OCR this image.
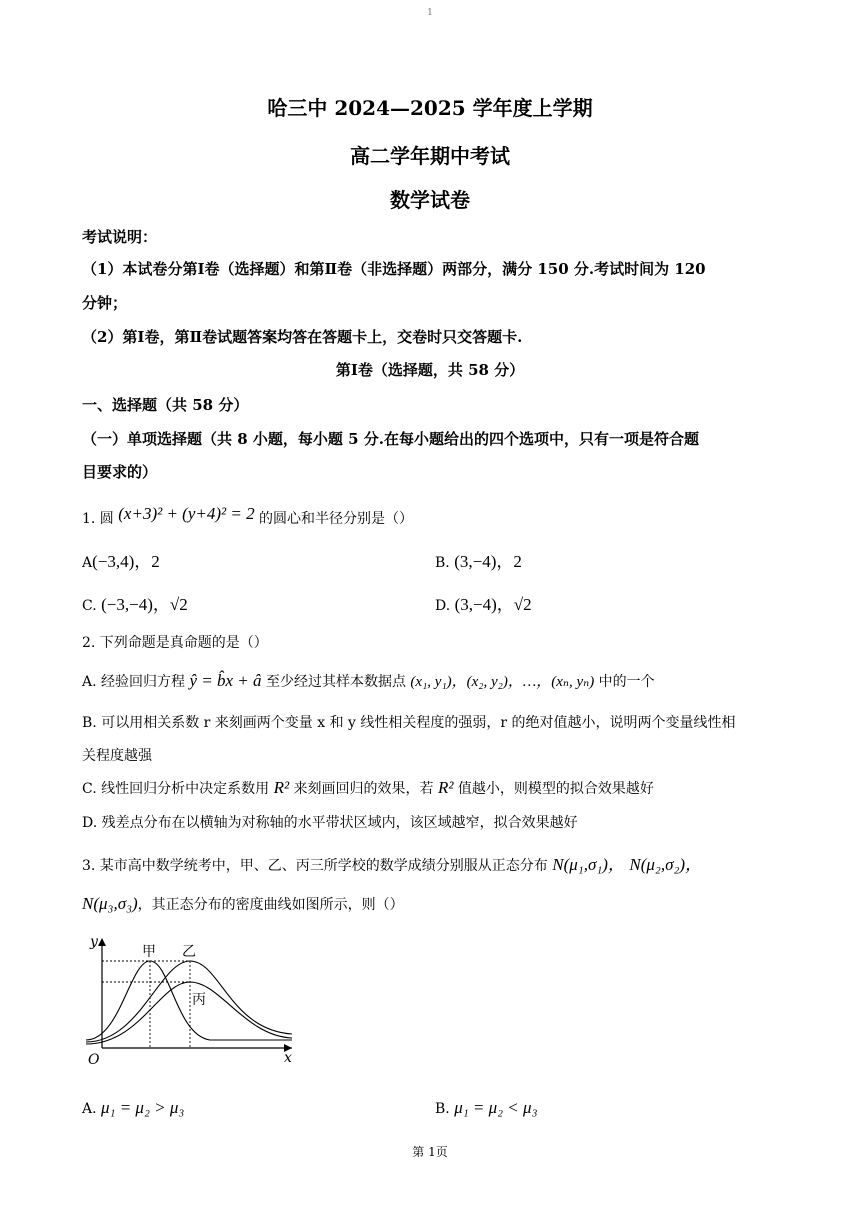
1
哈三中 2024—2025 学年度上学期
高二学年期中考试
数学试卷
考试说明：
（1）本试卷分第Ⅰ卷（选择题）和第Ⅱ卷（非选择题）两部分，满分 150 分.考试时间为 120
分钟；
（2）第Ⅰ卷，第Ⅱ卷试题答案均答在答题卡上，交卷时只交答题卡.
第Ⅰ卷（选择题，共 58 分）
一、选择题（共 58 分）
（一）单项选择题（共 8 小题，每小题 5 分.在每小题给出的四个选项中，只有一项是符合题
目要求的）
1. 圆 (x+3)² + (y+4)² = 2 的圆心和半径分别是（）
A(−3,4)，2	B. (3,−4)，2
C. (−3,−4)，√2	D. (3,−4)，√2
2. 下列命题是真命题的是（）
A. 经验回归方程 ŷ = b̂x + â 至少经过其样本数据点 (x₁, y₁)，(x₂, y₂)，…，(xₙ, yₙ) 中的一个
B. 可以用相关系数 r 来刻画两个变量 x 和 y 线性相关程度的强弱，r 的绝对值越小，说明两个变量线性相
关程度越强
C. 线性回归分析中决定系数用 R² 来刻画回归的效果，若 R² 值越小，则模型的拟合效果越好
D. 残差点分布在以横轴为对称轴的水平带状区域内，该区域越窄，拟合效果越好
3. 某市高中数学统考中，甲、乙、丙三所学校的数学成绩分别服从正态分布 N(μ₁,σ₁)， N(μ₂,σ₂)，
N(μ₃,σ₃)，其正态分布的密度曲线如图所示，则（）
y
x
O
甲 乙
丙
A. μ₁ = μ₂ > μ₃	B. μ₁ = μ₂ < μ₃
第 1页
